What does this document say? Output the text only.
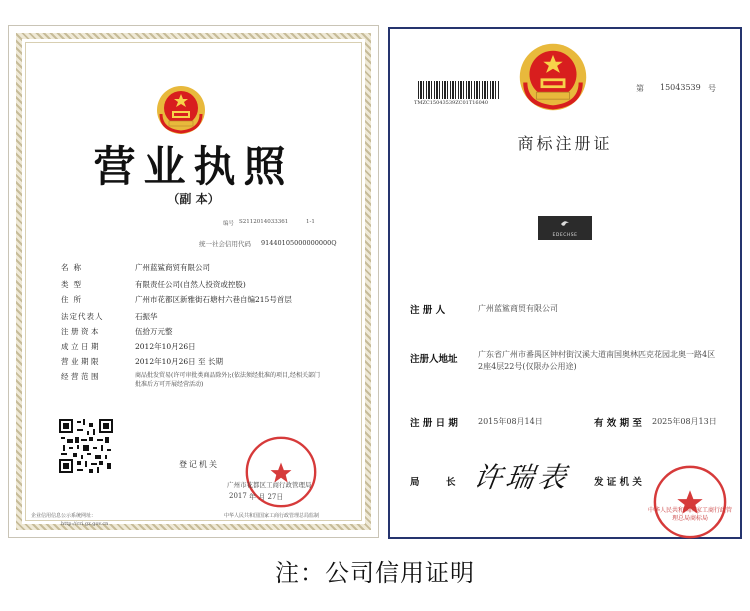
营业执照
（副 本）
编号 S2112014033361	1-1
统一社会信用代码 91440105000000000Q
名称	广州蓝鲨商贸有限公司
类型	有限责任公司(自然人投资或控股)
住所	广州市花都区新雅街石塘村六巷自编215号首层
法定代表人	石振华
注册资本	伍拾万元整
成立日期	2012年10月26日
营业期限	2012年10月26日 至 长期
经营范围	商品批发贸易(许可审批类商品除外);(依法须经批准的项目,经相关部门批准后方可开展经营活动)
登记机关
广州市花都区工商行政管理局
2017 年 月 27日
企业信用信息公示系统网址：
http://cri.gz.gov.cn
中华人民共和国国家工商行政管理总局监制
TMZC15043539ZC01T16040
第 15043539 号
商标注册证
EDECHSE
注 册 人	广州蓝鲨商贸有限公司
注册人地址	广东省广州市番禺区钟村街汉溪大道南国奥林匹克花园北奥一路4区2座4层22号(仅限办公用途)
注 册 日 期	2015年08月14日	有 效 期 至 2025年08月13日
局        长 许瑞表 发 证 机 关
中华人民共和国国家工商行政管理总局商标局
注：公司信用证明
